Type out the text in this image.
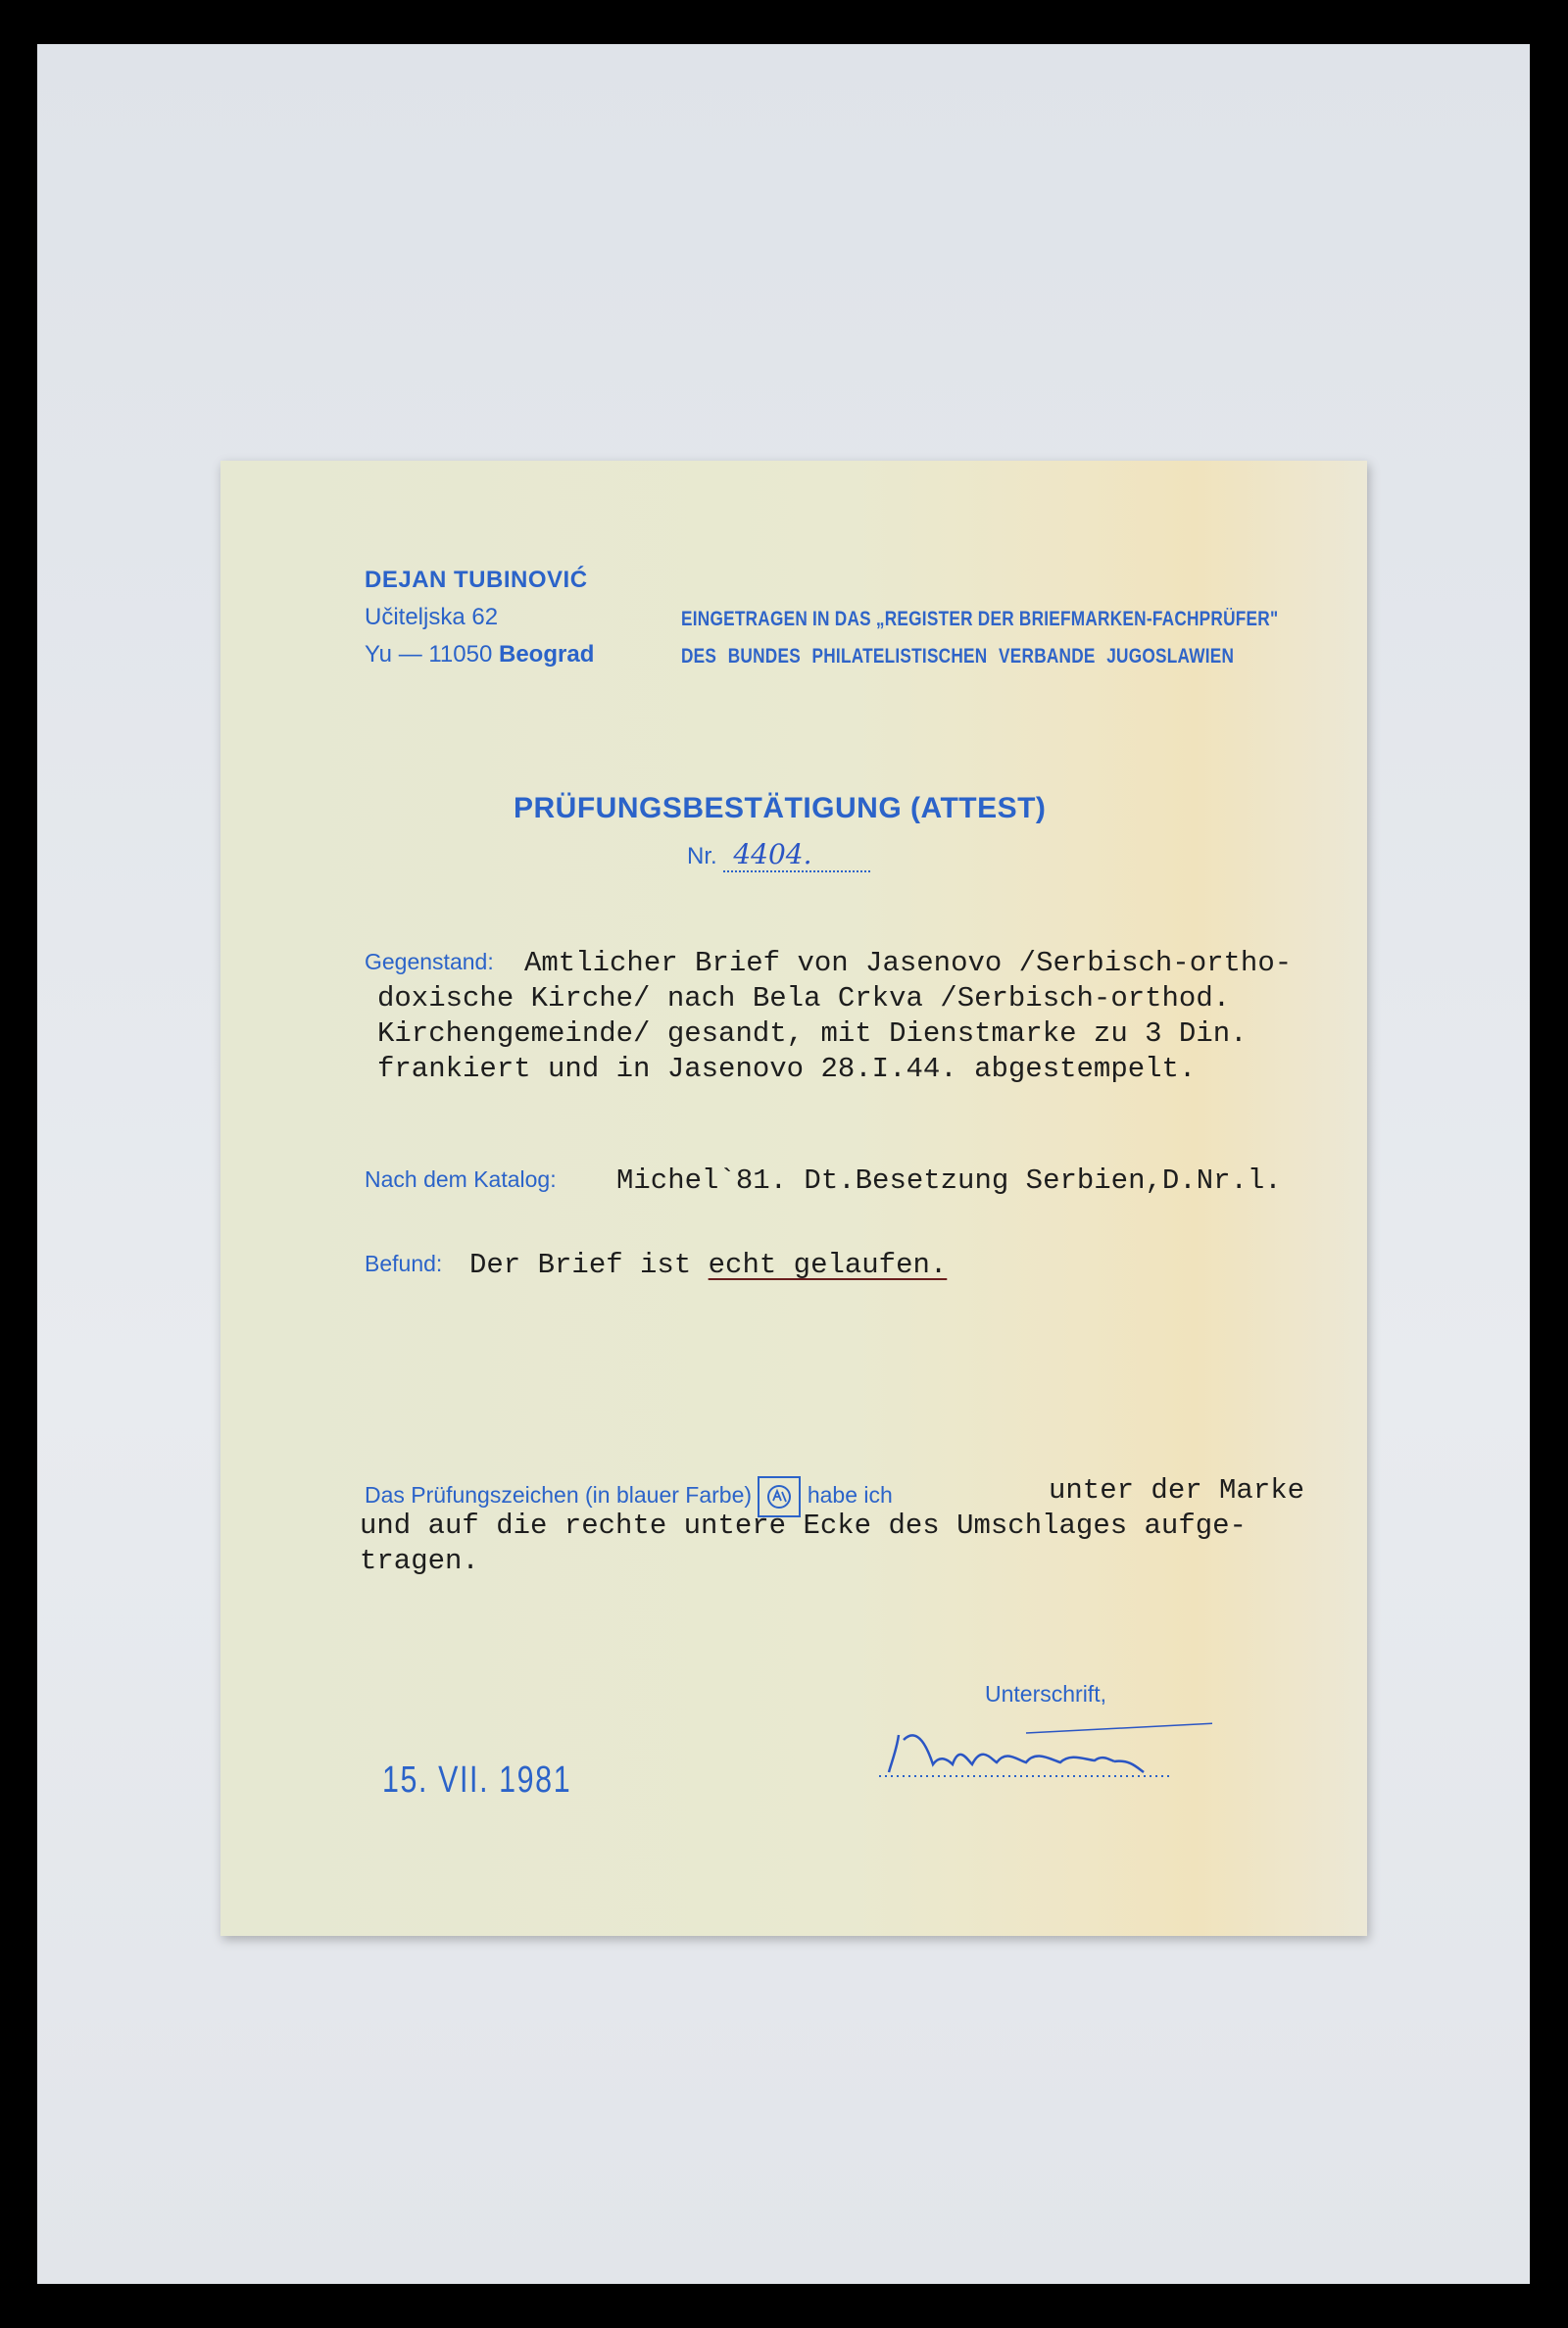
DEJAN TUBINOVIĆ
Učiteljska 62
Yu — 11050 Beograd
EINGETRAGEN IN DAS „REGISTER DER BRIEFMARKEN-FACHPRÜFER"
DES BUNDES PHILATELISTISCHEN VERBANDE JUGOSLAWIEN
PRÜFUNGSBESTÄTIGUNG (ATTEST)
Nr. 4404.
Gegenstand: Amtlicher Brief von Jasenovo /Serbisch-ortho-
doxische Kirche/ nach Bela Crkva /Serbisch-orthod.
Kirchengemeinde/ gesandt, mit Dienstmarke zu 3 Din.
frankiert und in Jasenovo 28.I.44. abgestempelt.
Nach dem Katalog: Michel`81. Dt.Besetzung Serbien,D.Nr.l.
Befund: Der Brief ist echt gelaufen.
Das Prüfungszeichen (in blauer Farbe) habe ich	unter der Marke
und auf die rechte untere Ecke des Umschlages aufge-
tragen.
Unterschrift,
15. VII. 1981
